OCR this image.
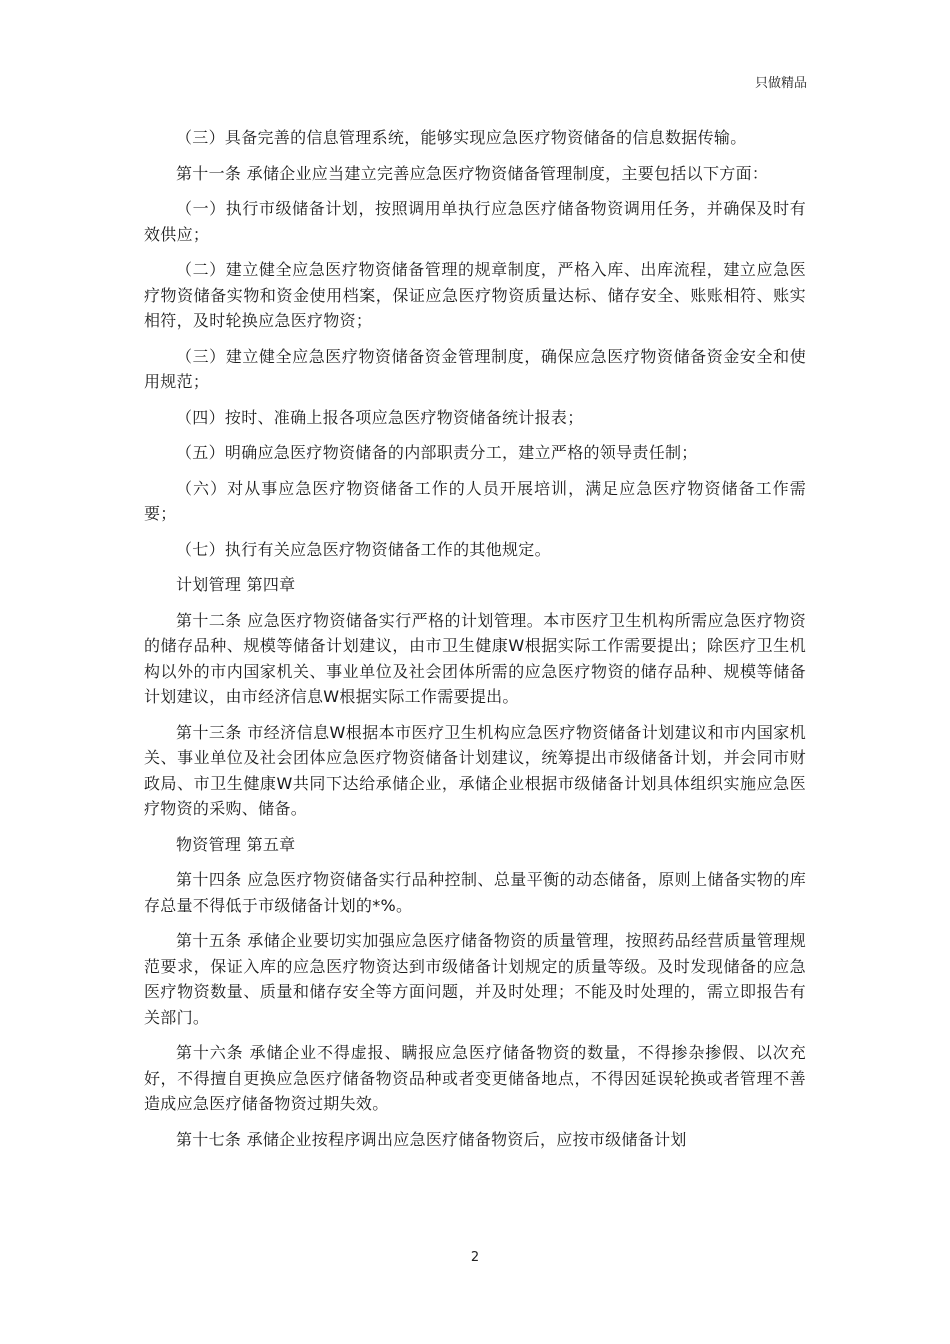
只做精品

（三）具备完善的信息管理系统，能够实现应急医疗物资储备的信息数据传输。

第十一条 承储企业应当建立完善应急医疗物资储备管理制度，主要包括以下方面：

（一）执行市级储备计划，按照调用单执行应急医疗储备物资调用任务，并确保及时有效供应；

（二）建立健全应急医疗物资储备管理的规章制度，严格入库、出库流程，建立应急医疗物资储备实物和资金使用档案，保证应急医疗物资质量达标、储存安全、账账相符、账实相符，及时轮换应急医疗物资；

（三）建立健全应急医疗物资储备资金管理制度，确保应急医疗物资储备资金安全和使用规范；

（四）按时、准确上报各项应急医疗物资储备统计报表；

（五）明确应急医疗物资储备的内部职责分工，建立严格的领导责任制；

（六）对从事应急医疗物资储备工作的人员开展培训，满足应急医疗物资储备工作需要；

（七）执行有关应急医疗物资储备工作的其他规定。

计划管理 第四章

第十二条 应急医疗物资储备实行严格的计划管理。本市医疗卫生机构所需应急医疗物资的储存品种、规模等储备计划建议，由市卫生健康W根据实际工作需要提出；除医疗卫生机构以外的市内国家机关、事业单位及社会团体所需的应急医疗物资的储存品种、规模等储备计划建议，由市经济信息W根据实际工作需要提出。

第十三条 市经济信息W根据本市医疗卫生机构应急医疗物资储备计划建议和市内国家机关、事业单位及社会团体应急医疗物资储备计划建议，统筹提出市级储备计划，并会同市财政局、市卫生健康W共同下达给承储企业，承储企业根据市级储备计划具体组织实施应急医疗物资的采购、储备。

物资管理 第五章

第十四条 应急医疗物资储备实行品种控制、总量平衡的动态储备，原则上储备实物的库存总量不得低于市级储备计划的*%。

第十五条 承储企业要切实加强应急医疗储备物资的质量管理，按照药品经营质量管理规范要求，保证入库的应急医疗物资达到市级储备计划规定的质量等级。及时发现储备的应急医疗物资数量、质量和储存安全等方面问题，并及时处理；不能及时处理的，需立即报告有关部门。

第十六条 承储企业不得虚报、瞒报应急医疗储备物资的数量，不得掺杂掺假、以次充好，不得擅自更换应急医疗储备物资品种或者变更储备地点，不得因延误轮换或者管理不善造成应急医疗储备物资过期失效。

第十七条 承储企业按程序调出应急医疗储备物资后，应按市级储备计划

2
